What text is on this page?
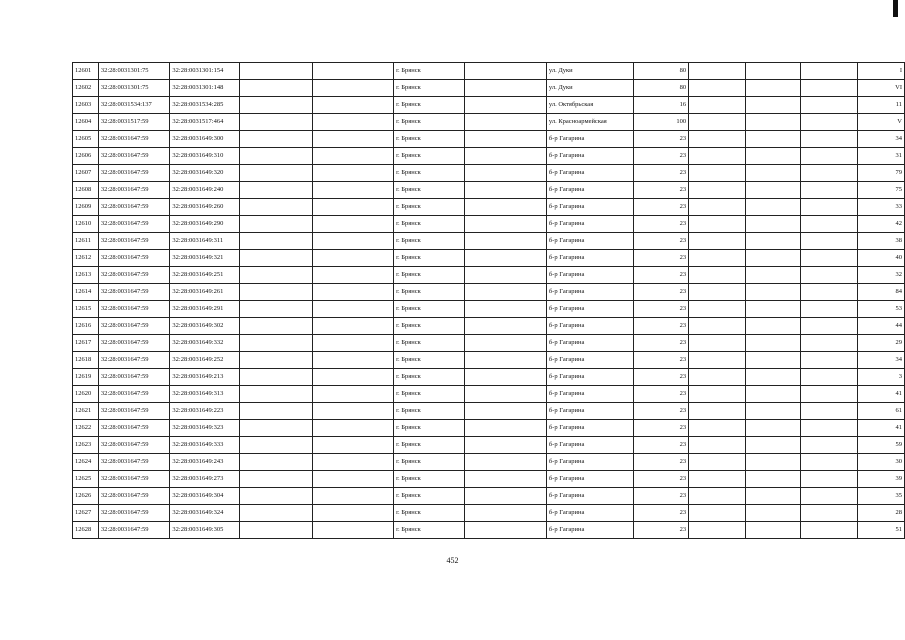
12601	32:28:0031301:75	32:28:0031301:154			г. Брянск		ул. Дуки	80				I
12602	32:28:0031301:75	32:28:0031301:148			г. Брянск		ул. Дуки	80				VI
12603	32:28:0031534:137	32:28:0031534:285			г. Брянск		ул. Октябрьская	16				11
12604	32:28:0031517:59	32:28:0031517:464			г. Брянск		ул. Красноармейская	100				V
12605	32:28:0031647:59	32:28:0031649:300			г. Брянск		б-р Гагарина	23				34
12606	32:28:0031647:59	32:28:0031649:310			г. Брянск		б-р Гагарина	23				31
12607	32:28:0031647:59	32:28:0031649:320			г. Брянск		б-р Гагарина	23				79
12608	32:28:0031647:59	32:28:0031649:240			г. Брянск		б-р Гагарина	23				75
12609	32:28:0031647:59	32:28:0031649:260			г. Брянск		б-р Гагарина	23				33
12610	32:28:0031647:59	32:28:0031649:290			г. Брянск		б-р Гагарина	23				42
12611	32:28:0031647:59	32:28:0031649:311			г. Брянск		б-р Гагарина	23				38
12612	32:28:0031647:59	32:28:0031649:321			г. Брянск		б-р Гагарина	23				40
12613	32:28:0031647:59	32:28:0031649:251			г. Брянск		б-р Гагарина	23				32
12614	32:28:0031647:59	32:28:0031649:261			г. Брянск		б-р Гагарина	23				84
12615	32:28:0031647:59	32:28:0031649:291			г. Брянск		б-р Гагарина	23				53
12616	32:28:0031647:59	32:28:0031649:302			г. Брянск		б-р Гагарина	23				44
12617	32:28:0031647:59	32:28:0031649:332			г. Брянск		б-р Гагарина	23				29
12618	32:28:0031647:59	32:28:0031649:252			г. Брянск		б-р Гагарина	23				34
12619	32:28:0031647:59	32:28:0031649:213			г. Брянск		б-р Гагарина	23				3
12620	32:28:0031647:59	32:28:0031649:313			г. Брянск		б-р Гагарина	23				41
12621	32:28:0031647:59	32:28:0031649:223			г. Брянск		б-р Гагарина	23				61
12622	32:28:0031647:59	32:28:0031649:323			г. Брянск		б-р Гагарина	23				41
12623	32:28:0031647:59	32:28:0031649:333			г. Брянск		б-р Гагарина	23				59
12624	32:28:0031647:59	32:28:0031649:243			г. Брянск		б-р Гагарина	23				30
12625	32:28:0031647:59	32:28:0031649:273			г. Брянск		б-р Гагарина	23				39
12626	32:28:0031647:59	32:28:0031649:304			г. Брянск		б-р Гагарина	23				35
12627	32:28:0031647:59	32:28:0031649:324			г. Брянск		б-р Гагарина	23				28
12628	32:28:0031647:59	32:28:0031649:305			г. Брянск		б-р Гагарина	23				51
452
